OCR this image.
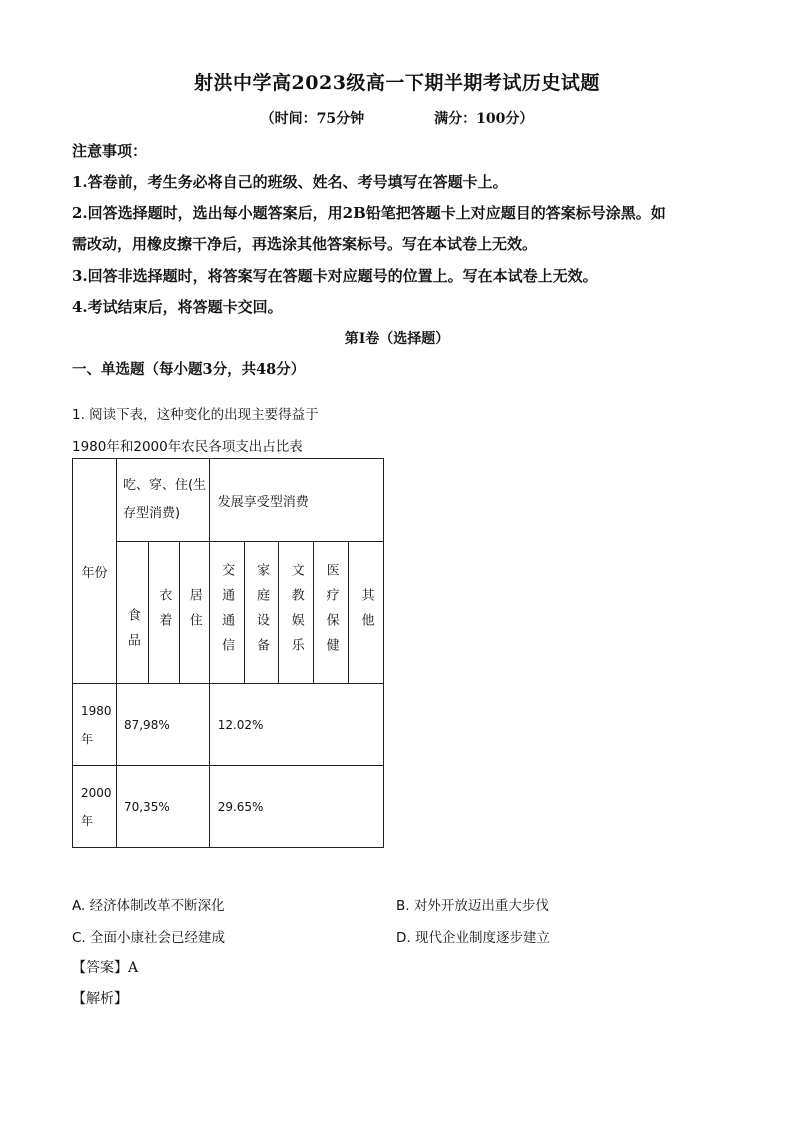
射洪中学高2023级高一下期半期考试历史试题
（时间：75分钟	满分：100分）
注意事项：
1.答卷前，考生务必将自己的班级、姓名、考号填写在答题卡上。
2.回答选择题时，选出每小题答案后，用2B铅笔把答题卡上对应题目的答案标号涂黑。如
需改动，用橡皮擦干净后，再选涂其他答案标号。写在本试卷上无效。
3.回答非选择题时，将答案写在答题卡对应题号的位置上。写在本试卷上无效。
4.考试结束后，将答题卡交回。
第Ⅰ卷（选择题）
一、单选题（每小题3分，共48分）
1. 阅读下表，这种变化的出现主要得益于
1980年和2000年农民各项支出占比表
年份	吃、穿、住(生
存型消费)			发展享受型消费				

	食品	衣着	居住	交通通信	家庭设备	文教娱乐	医疗保健	其他

1980
年	87,98%			12.02%				

2000
年	70,35%			29.65%				
A. 经济体制改革不断深化	B. 对外开放迈出重大步伐
C. 全面小康社会已经建成	D. 现代企业制度逐步建立
【答案】A
【解析】
